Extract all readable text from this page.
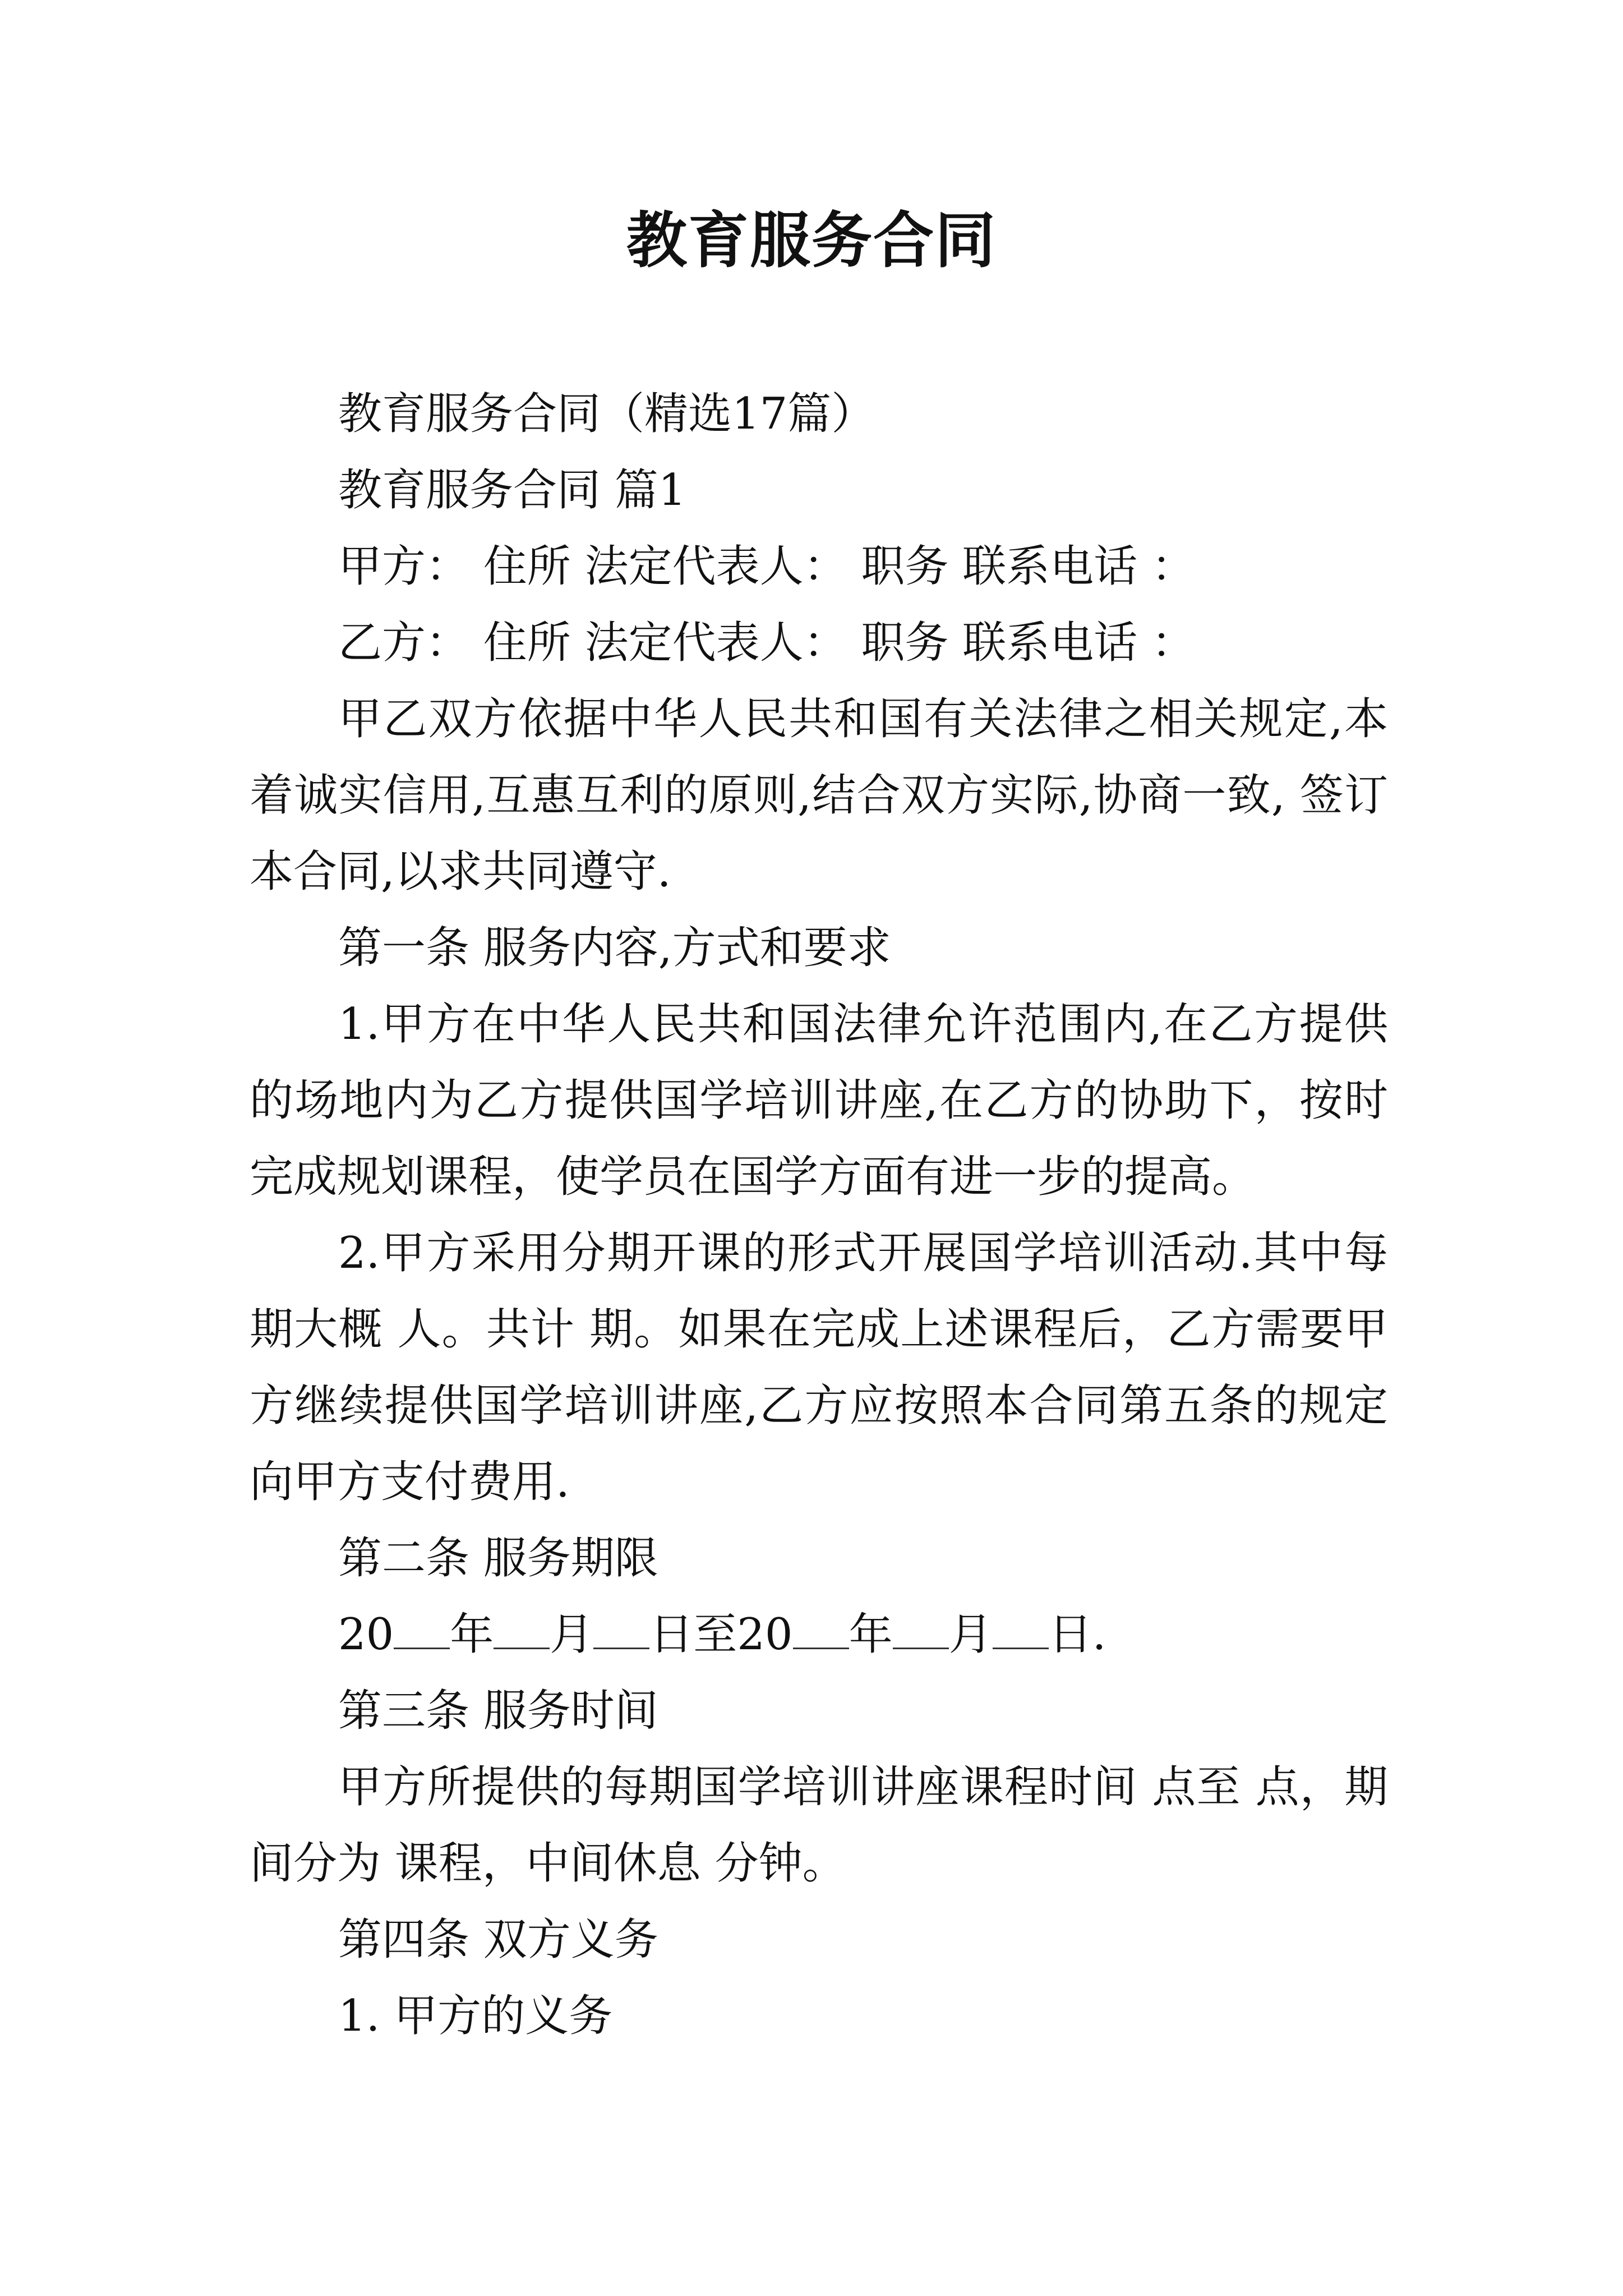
教育服务合同

教育服务合同（精选17篇）

教育服务合同 篇1

甲方： 住所 法定代表人： 职务 联系电话 ：

乙方： 住所 法定代表人： 职务 联系电话 ：

甲乙双方依据中华人民共和国有关法律之相关规定,本着诚实信用,互惠互利的原则,结合双方实际,协商一致, 签订本合同,以求共同遵守.

第一条 服务内容,方式和要求

1.甲方在中华人民共和国法律允许范围内,在乙方提供的场地内为乙方提供国学培训讲座,在乙方的协助下，按时完成规划课程，使学员在国学方面有进一步的提高。

2.甲方采用分期开课的形式开展国学培训活动.其中每期大概 人。共计 期。如果在完成上述课程后，乙方需要甲方继续提供国学培训讲座,乙方应按照本合同第五条的规定向甲方支付费用.

第二条 服务期限

20 年 月 日至20 年 月 日.

第三条 服务时间

甲方所提供的每期国学培训讲座课程时间 点至 点，期间分为 课程，中间休息 分钟。

第四条 双方义务

1. 甲方的义务
